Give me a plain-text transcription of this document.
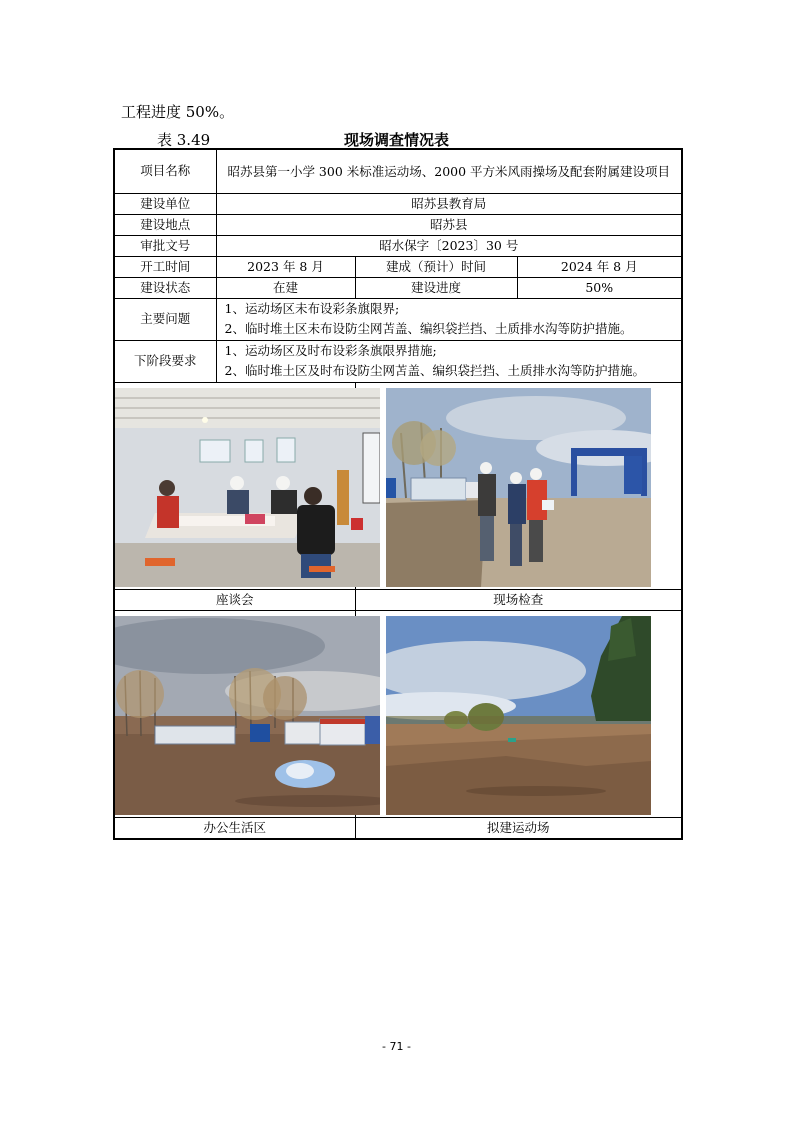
工程进度 50%。
表 3.49	现场调查情况表
项目名称	昭苏县第一小学 300 米标准运动场、2000 平方米风雨操场及配套附属建设项目		
建设单位	昭苏县教育局		
建设地点	昭苏县		
审批文号	昭水保字〔2023〕30 号		
开工时间	2023 年 8 月	建成（预计）时间	2024 年 8 月
建设状态	在建	建设进度	50%
主要问题	1、运动场区未布设彩条旗限界;
2、临时堆土区未布设防尘网苫盖、编织袋拦挡、土质排水沟等防护措施。		

下阶段要求	1、运动场区及时布设彩条旗限界措施;
2、临时堆土区及时布设防尘网苫盖、编织袋拦挡、土质排水沟等防护措施。		

座谈会		现场检查	

办公生活区		拟建运动场	
- 71 -
